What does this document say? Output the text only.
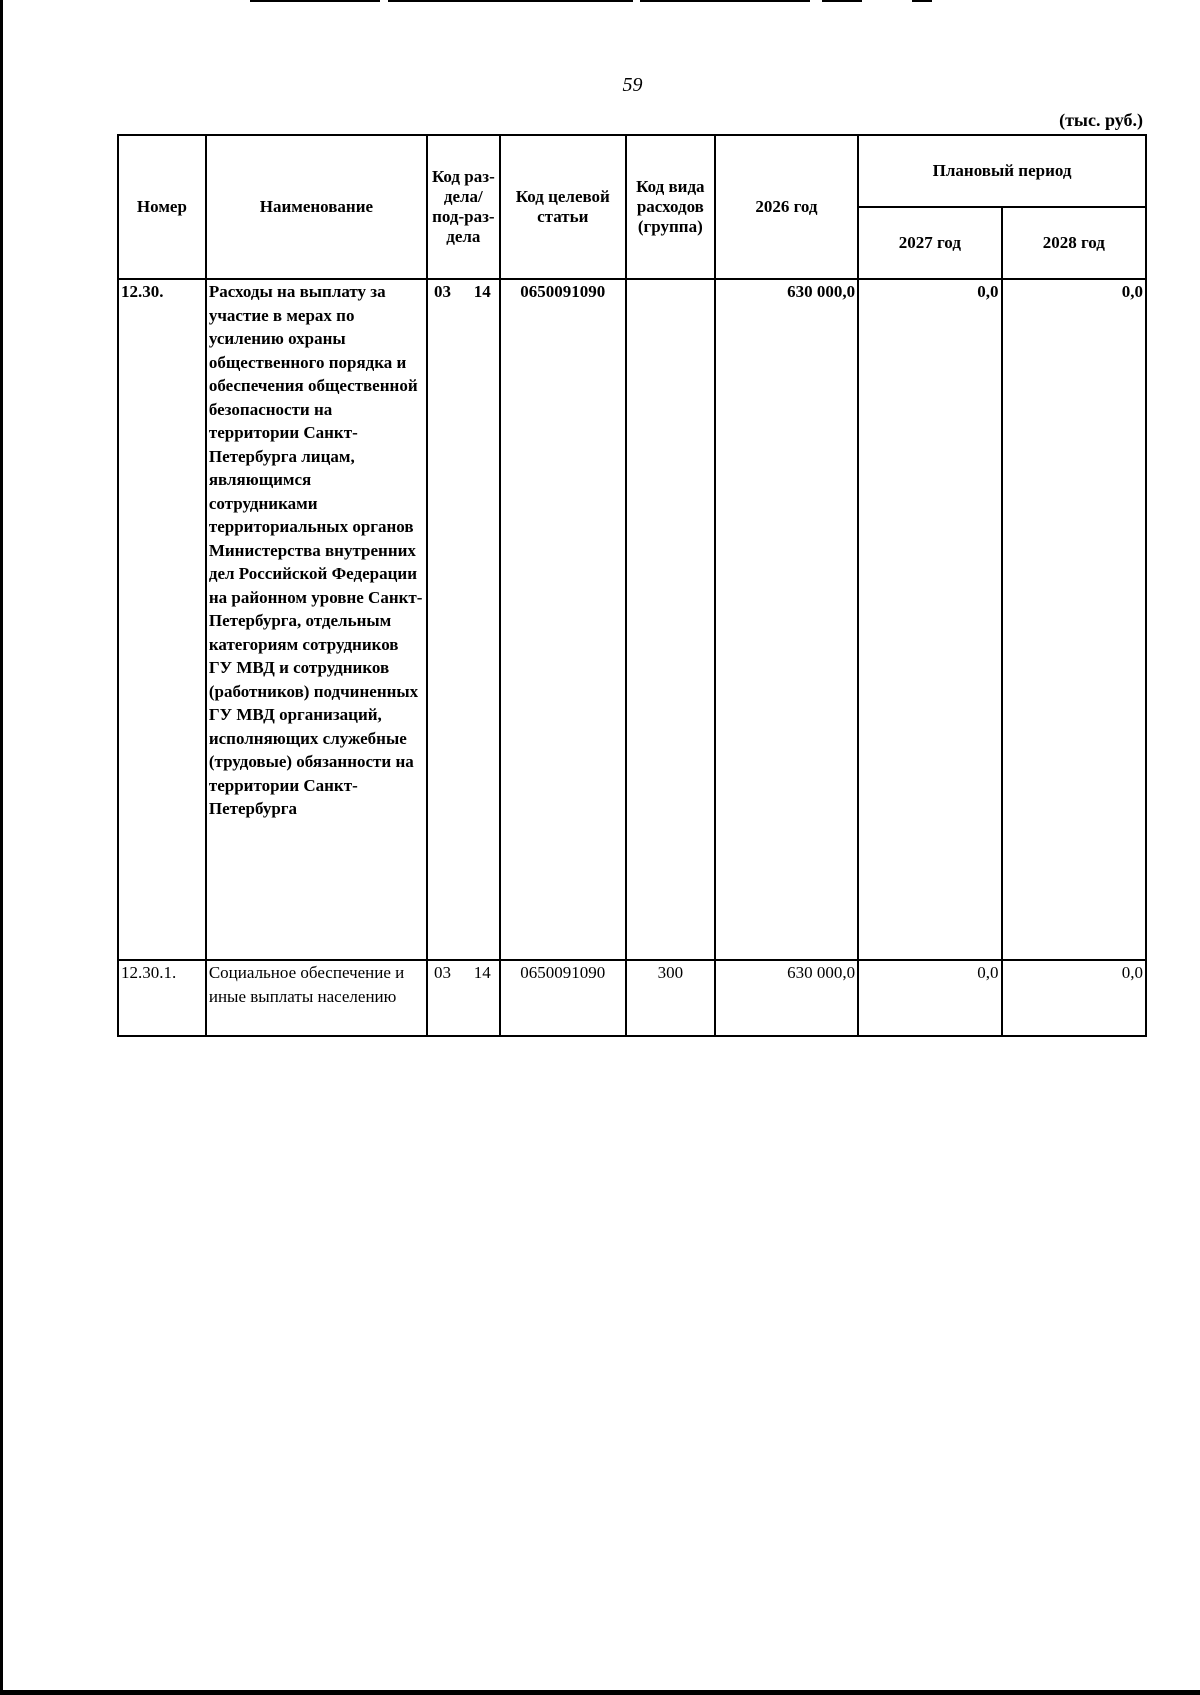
59
(тыс. руб.)
Номер	Наименование	Код раз-дела/ под-раз-дела	Код целевой статьи	Код вида расходов (группа)	2026 год	Плановый период	
						2027 год	2028 год
12.30.	Расходы на выплату за участие в мерах по усилению охраны общественного порядка и обеспечения общественной безопасности на территории Санкт-Петербурга лицам, являющимся сотрудниками территориальных органов Министерства внутренних дел Российской Федерации на районном уровне Санкт-Петербурга, отдельным категориям сотрудников ГУ МВД и сотрудников (работников) подчиненных ГУ МВД организаций, исполняющих служебные (трудовые) обязанности на территории Санкт-Петербурга	03 14	0650091090		630 000,0	0,0	0,0
12.30.1.	Социальное обеспечение и иные выплаты населению	03 14	0650091090	300	630 000,0	0,0	0,0
